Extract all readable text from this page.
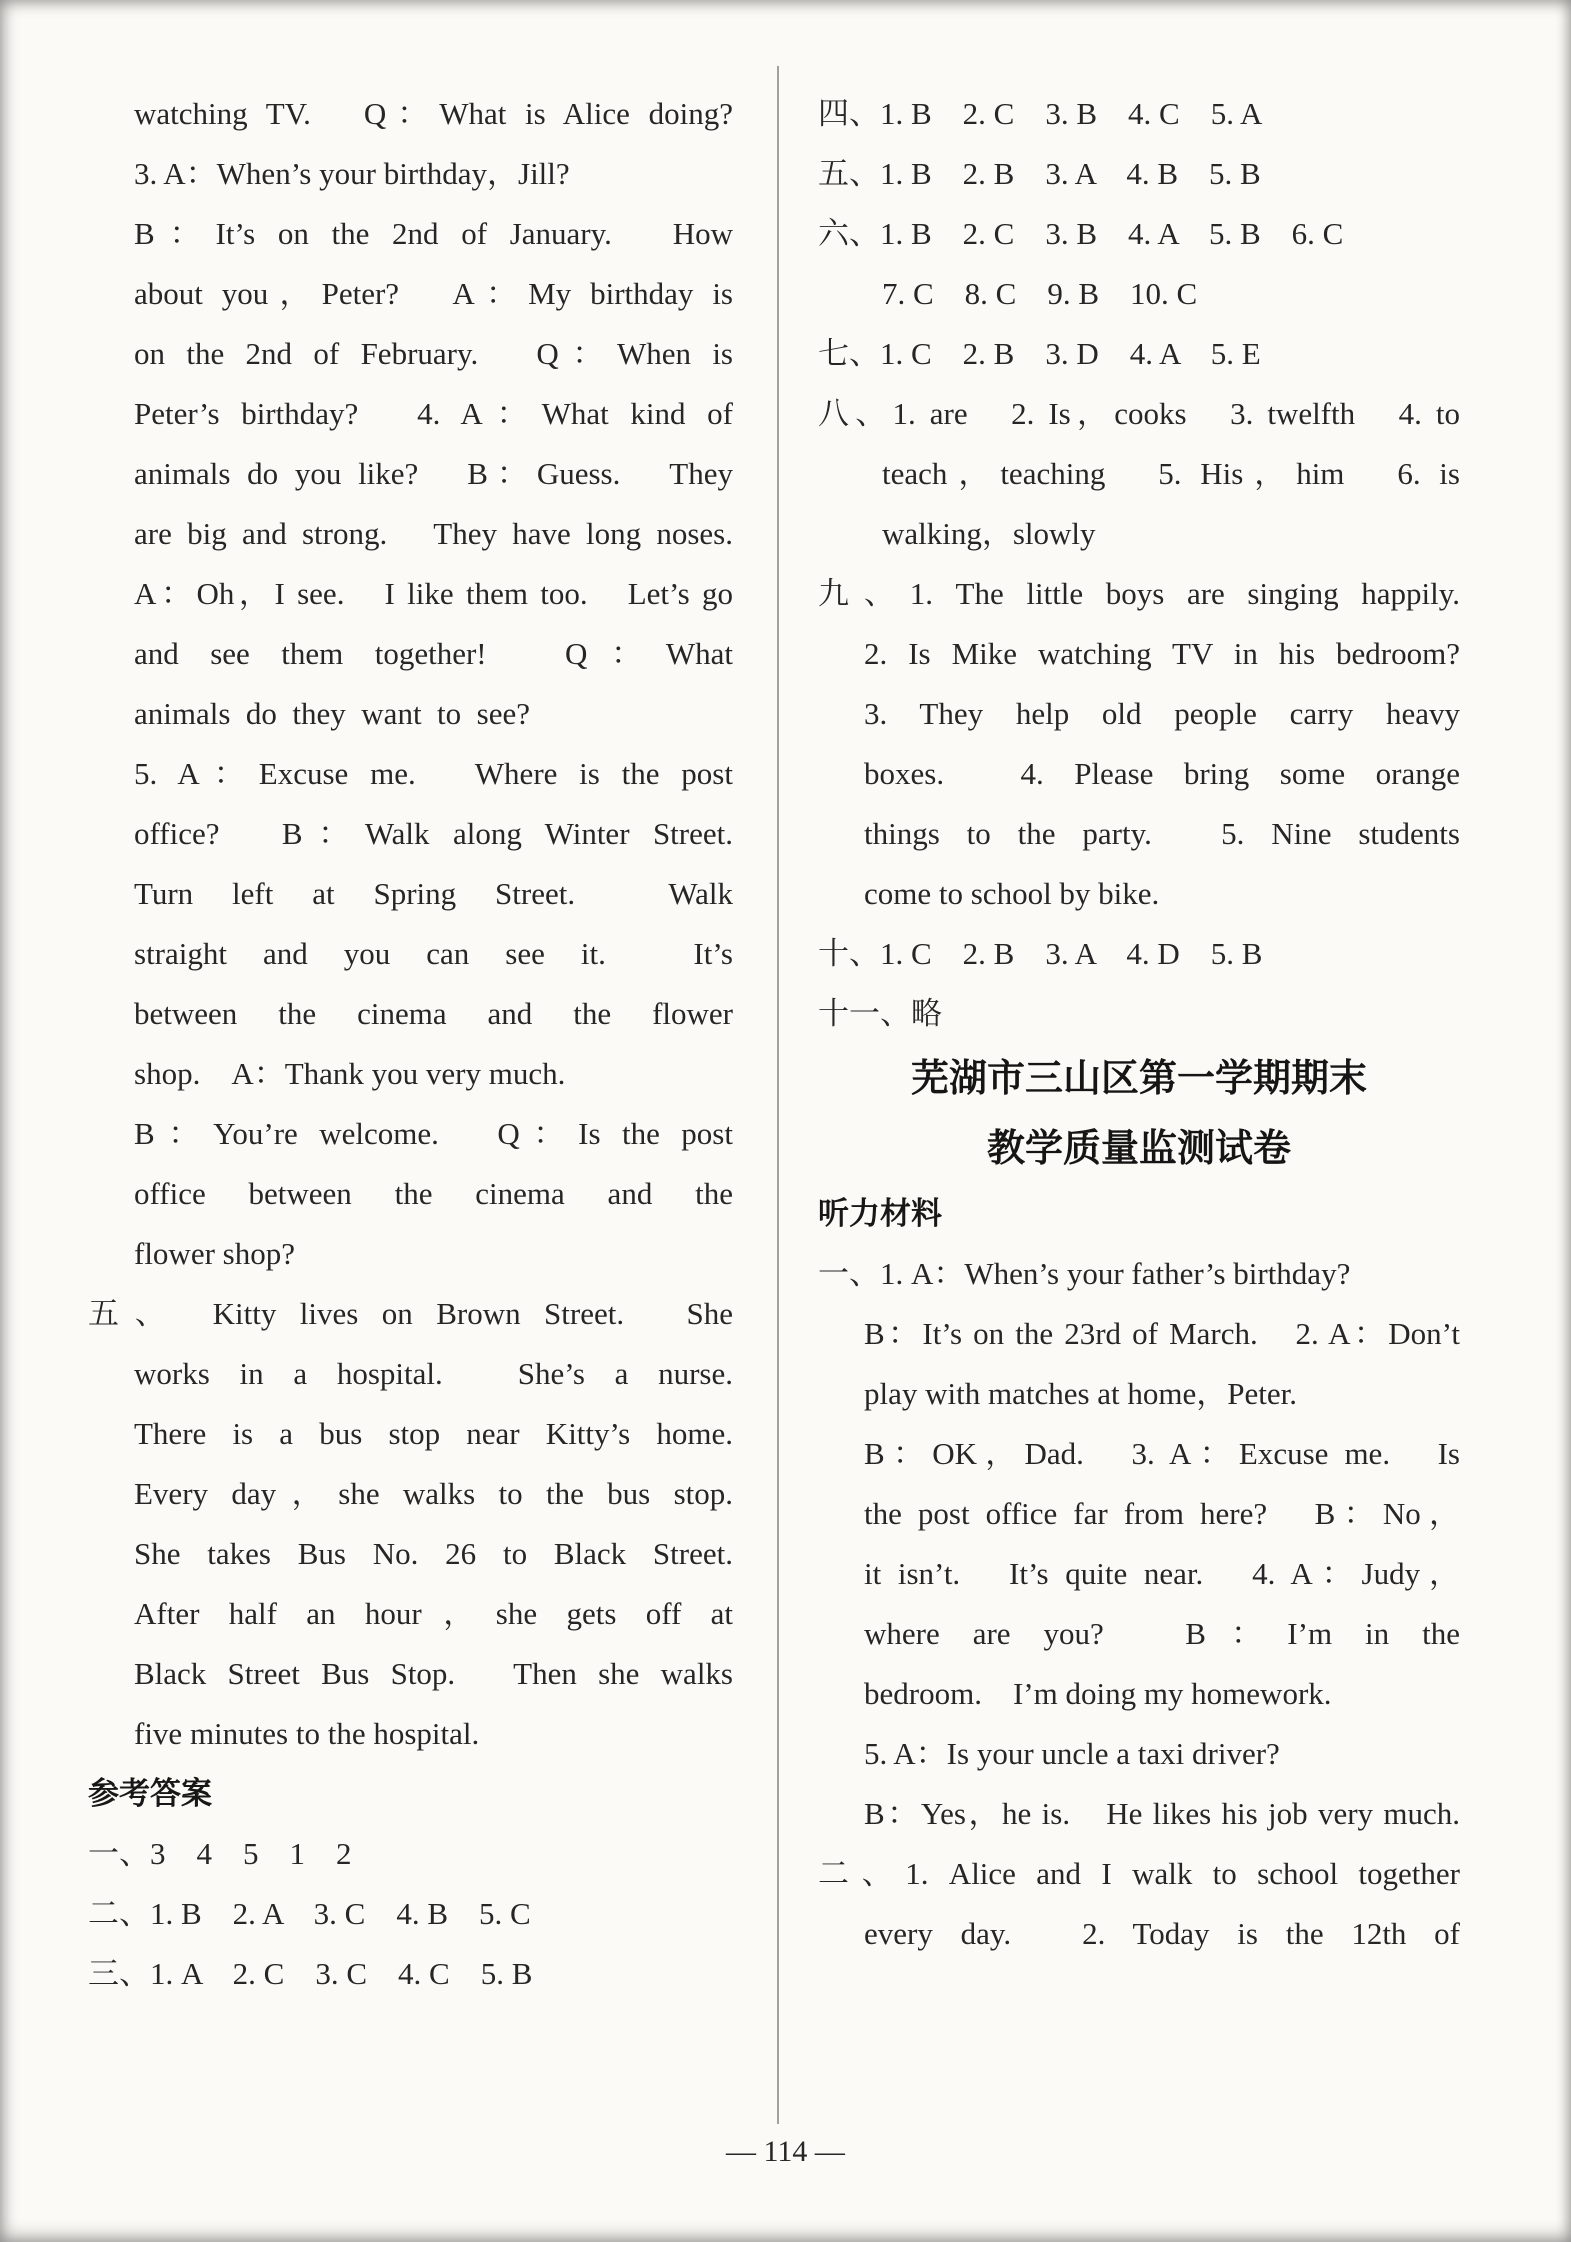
watching TV.　Q：What is Alice doing?
3. A：When’s your birthday，Jill?
B：It’s on the 2nd of January.　How
about you，Peter?　A：My birthday is
on the 2nd of February.　Q：When is
Peter’s birthday?　4. A：What kind of
animals do you like?　B：Guess.　They
are big and strong.　They have long noses.
A：Oh，I see.　I like them too.　Let’s go
and see them together!　Q：What
animals  do  they  want  to  see?
5. A：Excuse me.　Where is the post
office?　B：Walk along Winter Street.
Turn left at Spring Street.　Walk
straight and you can see it.　It’s
between the cinema and the flower
shop.　A：Thank you very much.
B：You’re welcome.　Q：Is the post
office between the cinema and the
flower shop?
五、　Kitty lives on Brown Street.　She
works in a hospital.　She’s a nurse.
There is a bus stop near Kitty’s home.
Every day，she walks to the bus stop.
She takes Bus No. 26 to Black Street.
After half an hour，she gets off at
Black Street Bus Stop.　Then she walks
five minutes to the hospital.
参考答案
一、3　4　5　1　2
二、1. B　2. A　3. C　4. B　5. C
三、1. A　2. C　3. C　4. C　5. B
四、1. B　2. C　3. B　4. C　5. A
五、1. B　2. B　3. A　4. B　5. B
六、1. B　2. C　3. B　4. A　5. B　6. C
7. C　8. C　9. B　10. C
七、1. C　2. B　3. D　4. A　5. E
八、1. are　2. Is，cooks　3. twelfth　4. to
teach，teaching　5. His，him　6. is
walking，slowly
九、1. The little boys are singing happily.
2. Is Mike watching TV in his bedroom?
3. They help old people carry heavy
boxes.　4. Please bring some orange
things to the party.　5. Nine students
come to school by bike.
十、1. C　2. B　3. A　4. D　5. B
十一、略
芜湖市三山区第一学期期末
教学质量监测试卷
听力材料
一、1. A：When’s your father’s birthday?
B：It’s on the 23rd of March.　2. A：Don’t
play with matches at home，Peter.
B：OK，Dad.　3. A：Excuse me.　Is
the post office far from here?　B：No，
it isn’t.　It’s quite near.　4. A：Judy，
where are you?　B：I’m in the
bedroom.　I’m doing my homework.
5. A：Is your uncle a taxi driver?
B：Yes，he is.　He likes his job very much.
二、1. Alice and I walk to school together
every day.　2. Today is the 12th of
— 114 —
